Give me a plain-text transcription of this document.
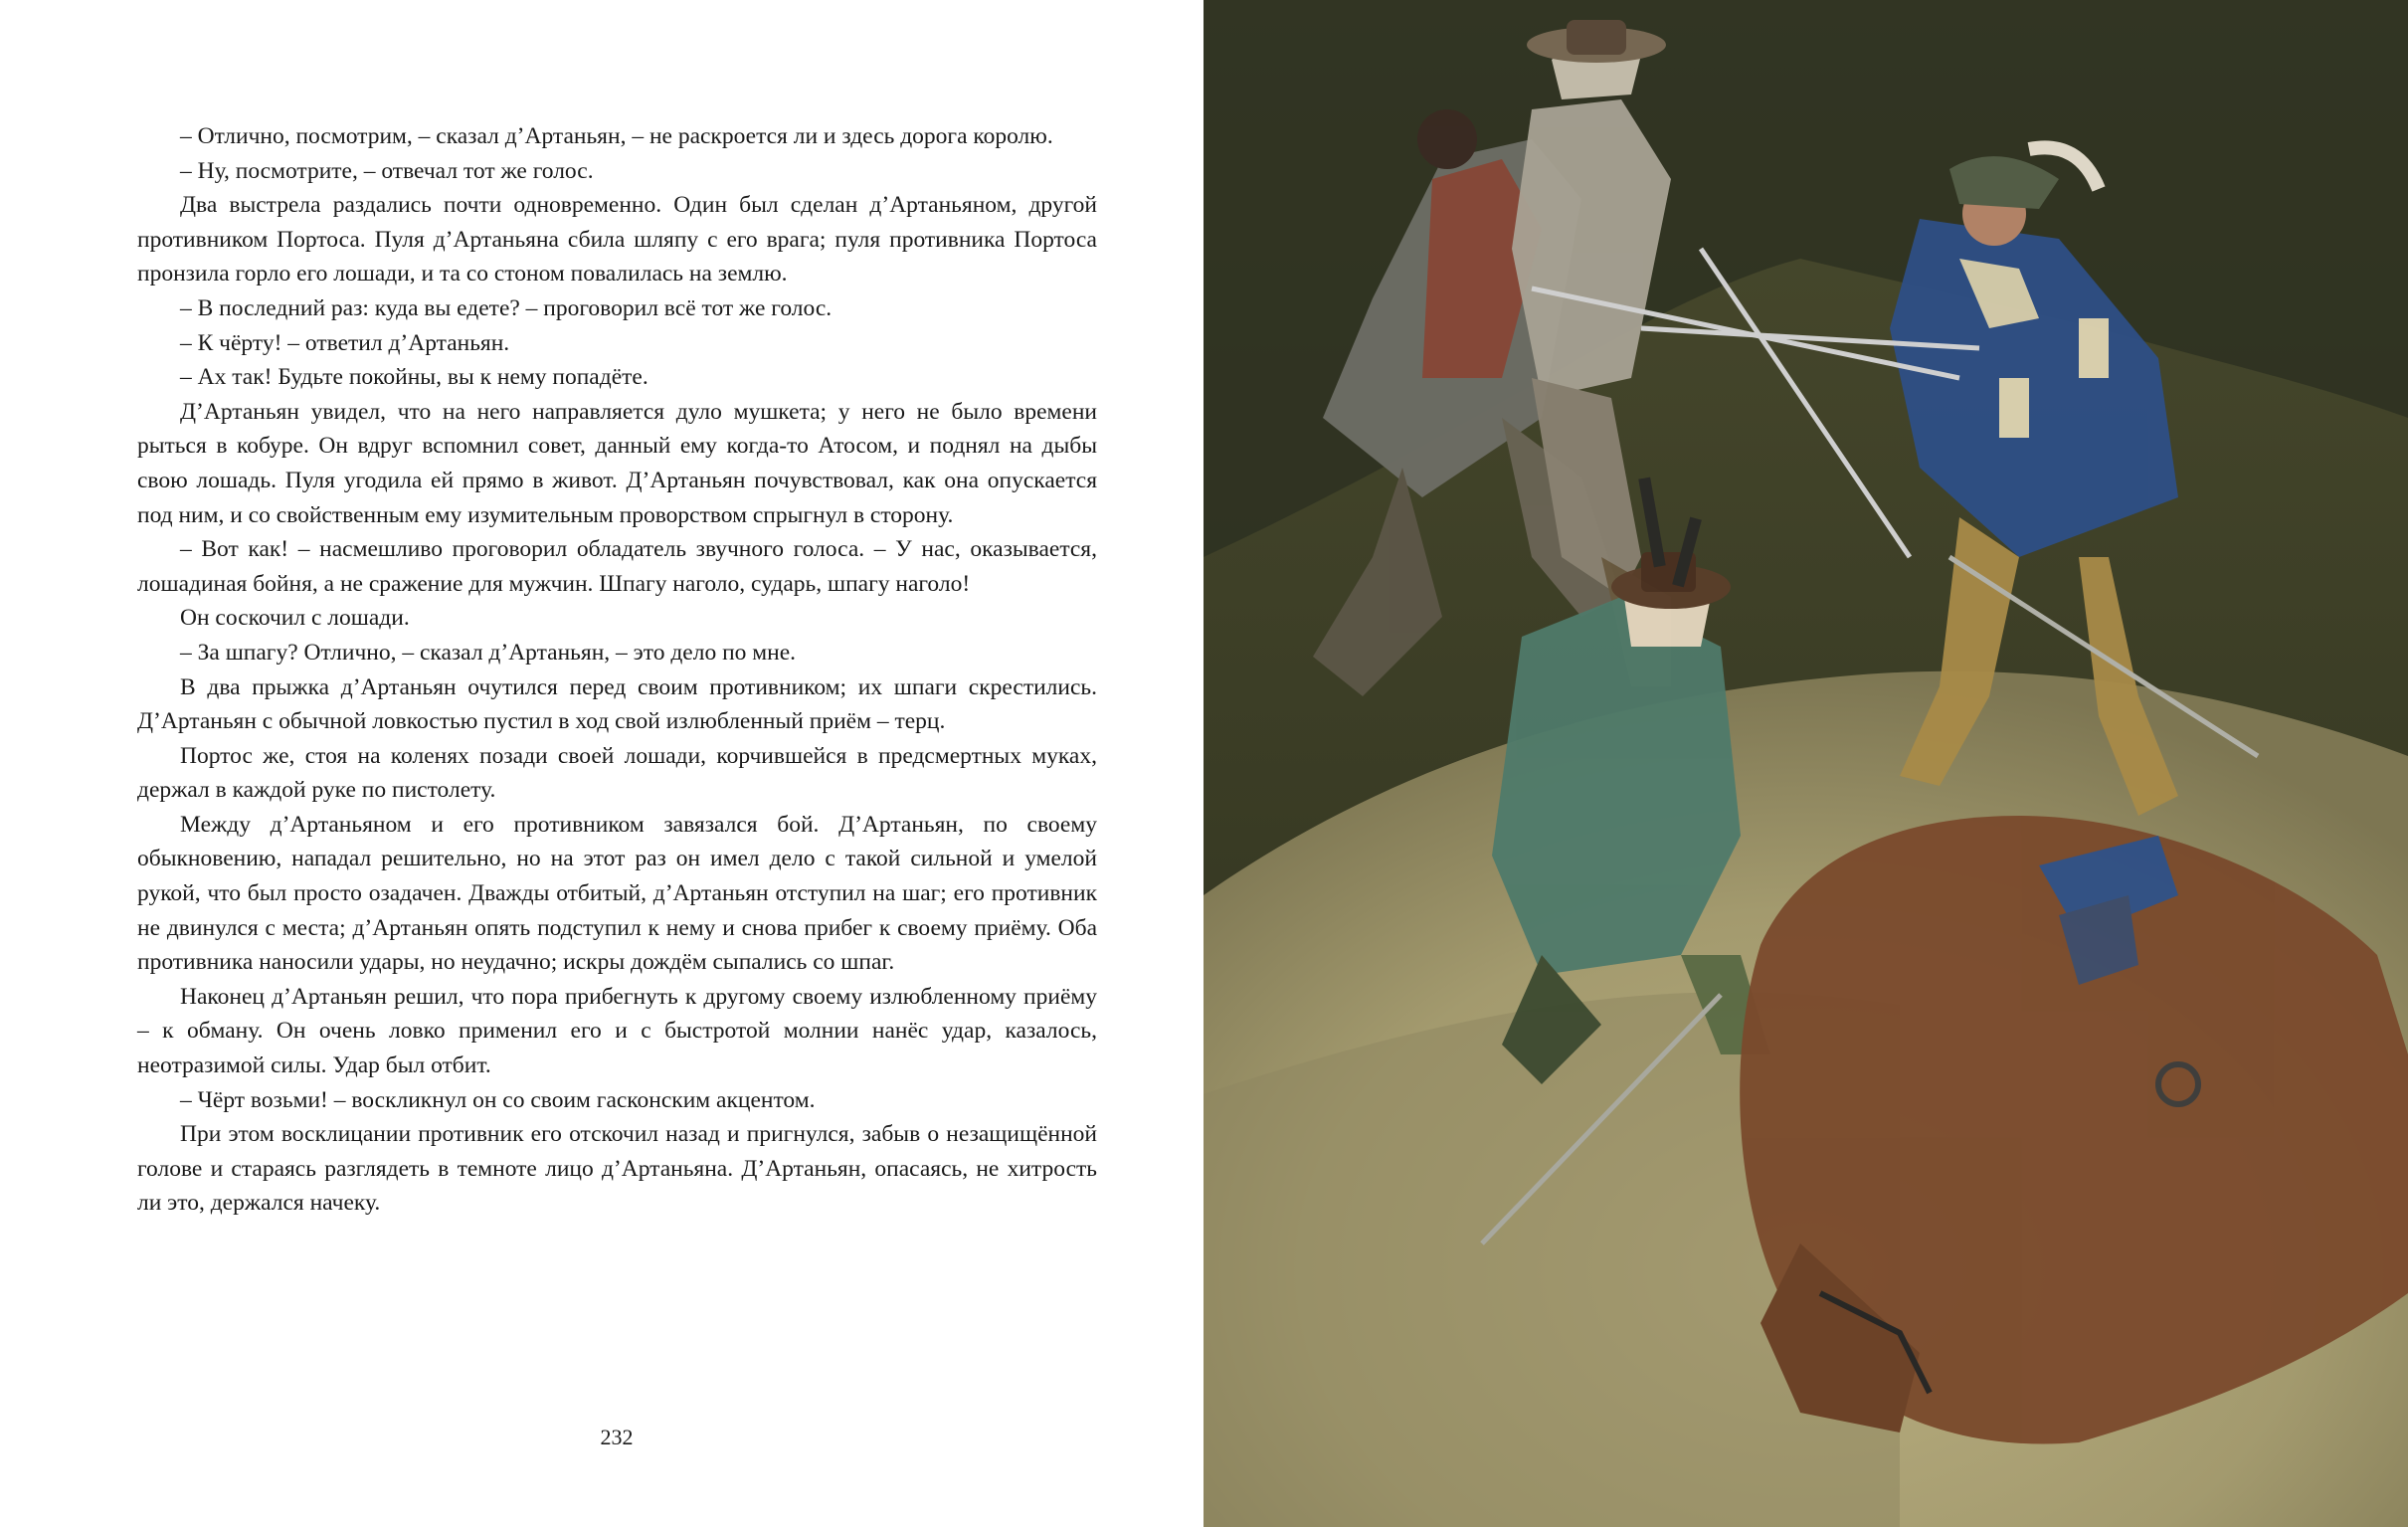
– Отлично, посмотрим, – сказал д’Артаньян, – не раскроется ли и здесь дорога королю.

– Ну, посмотрите, – отвечал тот же голос.

Два выстрела раздались почти одновременно. Один был сделан д’Артаньяном, другой противником Портоса. Пуля д’Артаньяна сбила шляпу с его врага; пуля противника Портоса пронзила горло его лошади, и та со стоном повалилась на землю.

– В последний раз: куда вы едете? – проговорил всё тот же голос.

– К чёрту! – ответил д’Артаньян.

– Ах так! Будьте покойны, вы к нему попадёте.

Д’Артаньян увидел, что на него направляется дуло мушкета; у него не было времени рыться в кобуре. Он вдруг вспомнил совет, данный ему когда-то Атосом, и поднял на дыбы свою лошадь. Пуля угодила ей прямо в живот. Д’Артаньян почувствовал, как она опускается под ним, и со свойственным ему изумительным проворством спрыгнул в сторону.

– Вот как! – насмешливо проговорил обладатель звучного голоса. – У нас, оказывается, лошадиная бойня, а не сражение для мужчин. Шпагу наголо, сударь, шпагу наголо!

Он соскочил с лошади.

– За шпагу? Отлично, – сказал д’Артаньян, – это дело по мне.

В два прыжка д’Артаньян очутился перед своим противником; их шпаги скрестились. Д’Артаньян с обычной ловкостью пустил в ход свой излюбленный приём – терц.

Портос же, стоя на коленях позади своей лошади, корчившейся в предсмертных муках, держал в каждой руке по пистолету.

Между д’Артаньяном и его противником завязался бой. Д’Артаньян, по своему обыкновению, нападал решительно, но на этот раз он имел дело с такой сильной и умелой рукой, что был просто озадачен. Дважды отбитый, д’Артаньян отступил на шаг; его противник не двинулся с места; д’Артаньян опять подступил к нему и снова прибег к своему приёму. Оба противника наносили удары, но неудачно; искры дождём сыпались со шпаг.

Наконец д’Артаньян решил, что пора прибегнуть к другому своему излюбленному приёму – к обману. Он очень ловко применил его и с быстротой молнии нанёс удар, казалось, неотразимой силы. Удар был отбит.

– Чёрт возьми! – воскликнул он со своим гасконским акцентом.

При этом восклицании противник его отскочил назад и пригнулся, забыв о незащищённой голове и стараясь разглядеть в темноте лицо д’Артаньяна. Д’Артаньян, опасаясь, не хитрость ли это, держался начеку.

232
